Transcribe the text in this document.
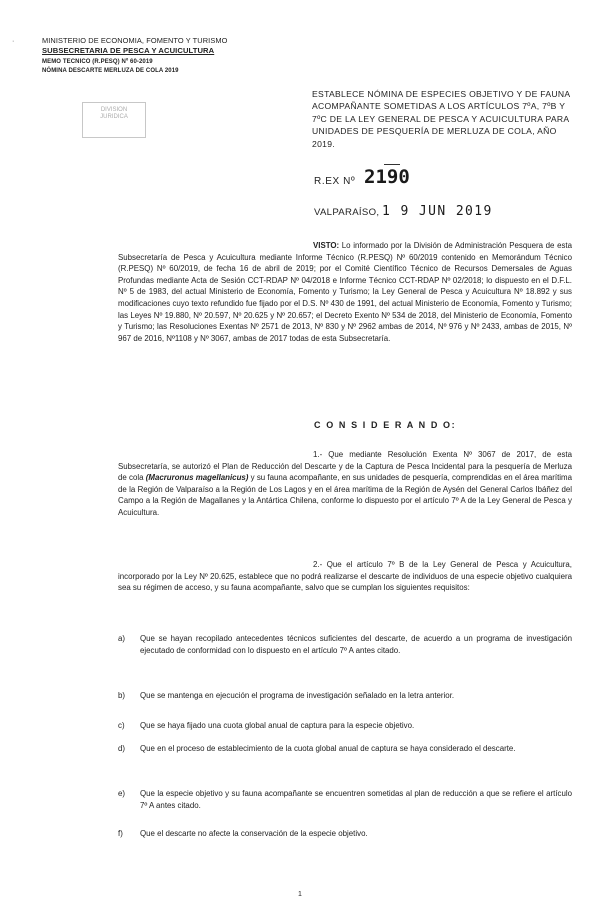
·	MINISTERIO DE ECONOMIA, FOMENTO Y TURISMO
SUBSECRETARIA DE PESCA Y ACUICULTURA
MEMO TECNICO (R.PESQ) Nº 60-2019
NÓMINA DESCARTE MERLUZA DE COLA 2019
DIVISION
JURIDICA
ESTABLECE NÓMINA DE ESPECIES OBJETIVO Y DE FAUNA ACOMPAÑANTE SOMETIDAS A LOS ARTÍCULOS 7ºA, 7ºB Y 7ºC DE LA LEY GENERAL DE PESCA Y ACUICULTURA PARA UNIDADES DE PESQUERÍA DE MERLUZA DE COLA, AÑO 2019.
R.EX Nº 2190
VALPARAÍSO, 1 9 JUN 2019
VISTO: Lo informado por la División de Administración Pesquera de esta Subsecretaría de Pesca y Acuicultura mediante Informe Técnico (R.PESQ) Nº 60/2019 contenido en Memorándum Técnico (R.PESQ) Nº 60/2019, de fecha 16 de abril de 2019; por el Comité Científico Técnico de Recursos Demersales de Aguas Profundas mediante Acta de Sesión CCT-RDAP Nº 04/2018 e Informe Técnico CCT-RDAP Nº 02/2018; lo dispuesto en el D.F.L. Nº 5 de 1983, del actual Ministerio de Economía, Fomento y Turismo; la Ley General de Pesca y Acuicultura Nº 18.892 y sus modificaciones cuyo texto refundido fue fijado por el D.S. Nº 430 de 1991, del actual Ministerio de Economía, Fomento y Turismo; las Leyes Nº 19.880, Nº 20.597, Nº 20.625 y Nº 20.657; el Decreto Exento Nº 534 de 2018, del Ministerio de Economía, Fomento y Turismo; las Resoluciones Exentas Nº 2571 de 2013, Nº 830 y Nº 2962 ambas de 2014, Nº 976 y Nº 2433, ambas de 2015, Nº 967 de 2016, Nº1108 y Nº 3067, ambas de 2017 todas de esta Subsecretaría.
C O N S I D E R A N D O:
1.- Que mediante Resolución Exenta Nº 3067 de 2017, de esta Subsecretaría, se autorizó el Plan de Reducción del Descarte y de la Captura de Pesca Incidental para la pesquería de Merluza de cola (Macruronus magellanicus) y su fauna acompañante, en sus unidades de pesquería, comprendidas en el área marítima de la Región de Valparaíso a la Región de Los Lagos y en el área marítima de la Región de Aysén del General Carlos Ibáñez del Campo a la Región de Magallanes y la Antártica Chilena, conforme lo dispuesto por el artículo 7º A de la Ley General de Pesca y Acuicultura.
2.- Que el artículo 7º B de la Ley General de Pesca y Acuicultura, incorporado por la Ley Nº 20.625, establece que no podrá realizarse el descarte de individuos de una especie objetivo cualquiera sea su régimen de acceso, y su fauna acompañante, salvo que se cumplan los siguientes requisitos:
a)	Que se hayan recopilado antecedentes técnicos suficientes del descarte, de acuerdo a un programa de investigación ejecutado de conformidad con lo dispuesto en el artículo 7º A antes citado.
b)	Que se mantenga en ejecución el programa de investigación señalado en la letra anterior.
c)	Que se haya fijado una cuota global anual de captura para la especie objetivo.
d)	Que en el proceso de establecimiento de la cuota global anual de captura se haya considerado el descarte.
e)	Que la especie objetivo y su fauna acompañante se encuentren sometidas al plan de reducción a que se refiere el artículo 7º A antes citado.
f)	Que el descarte no afecte la conservación de la especie objetivo.
1
